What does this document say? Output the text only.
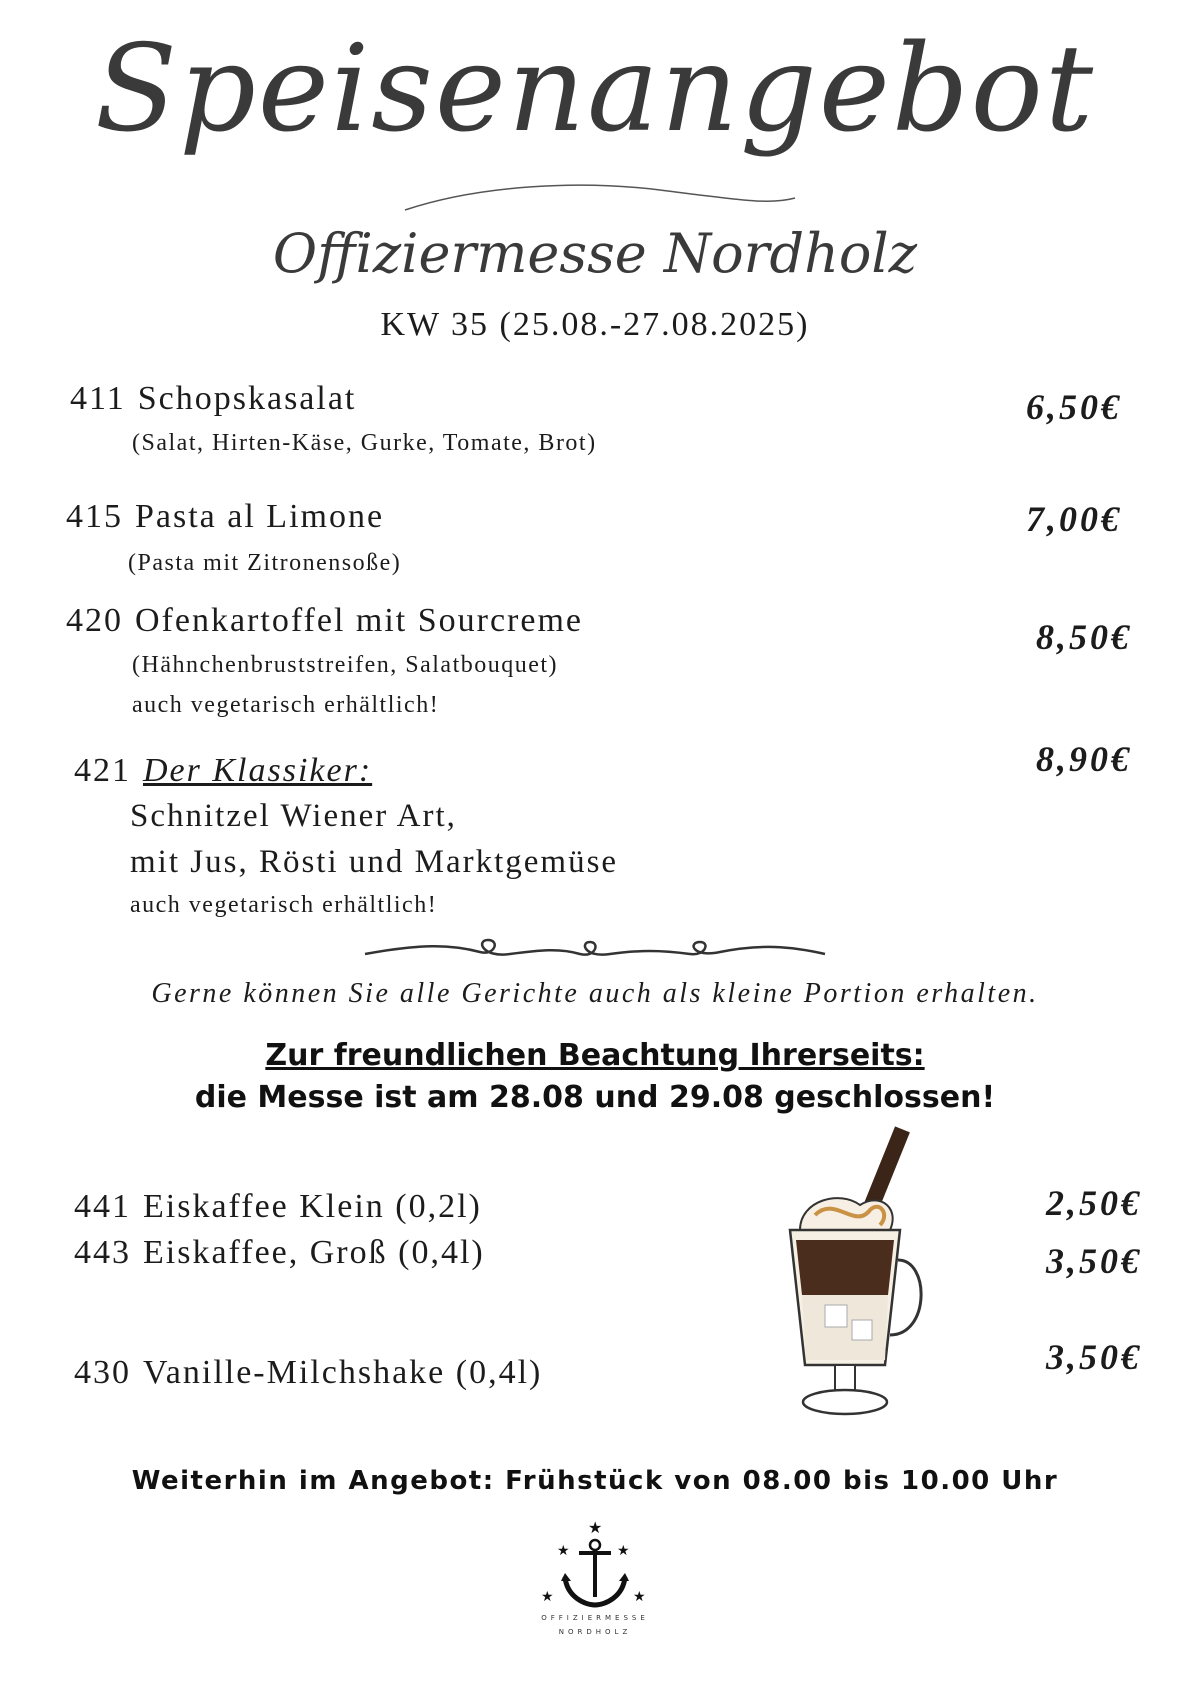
Speisenangebot
Offiziermesse Nordholz
KW 35 (25.08.-27.08.2025)
411 Schopskasalat
(Salat, Hirten-Käse, Gurke, Tomate, Brot)
6,50€
415 Pasta al Limone
(Pasta mit Zitronensoße)
7,00€
420 Ofenkartoffel mit Sourcreme
(Hähnchenbruststreifen, Salatbouquet)
auch vegetarisch erhältlich!
8,50€
421 Der Klassiker:
Schnitzel Wiener Art,
mit Jus, Rösti und Marktgemüse
auch vegetarisch erhältlich!
8,90€
Gerne können Sie alle Gerichte auch als kleine Portion erhalten.
Zur freundlichen Beachtung Ihrerseits:
die Messe ist am 28.08 und 29.08 geschlossen!
441 Eiskaffee Klein (0,2l)	2,50€
443 Eiskaffee, Groß (0,4l)	3,50€
430 Vanille-Milchshake (0,4l)	3,50€
Weiterhin im Angebot: Frühstück von 08.00 bis 10.00 Uhr
★
★	★
★	★
OFFIZIERMESSE
NORDHOLZ
